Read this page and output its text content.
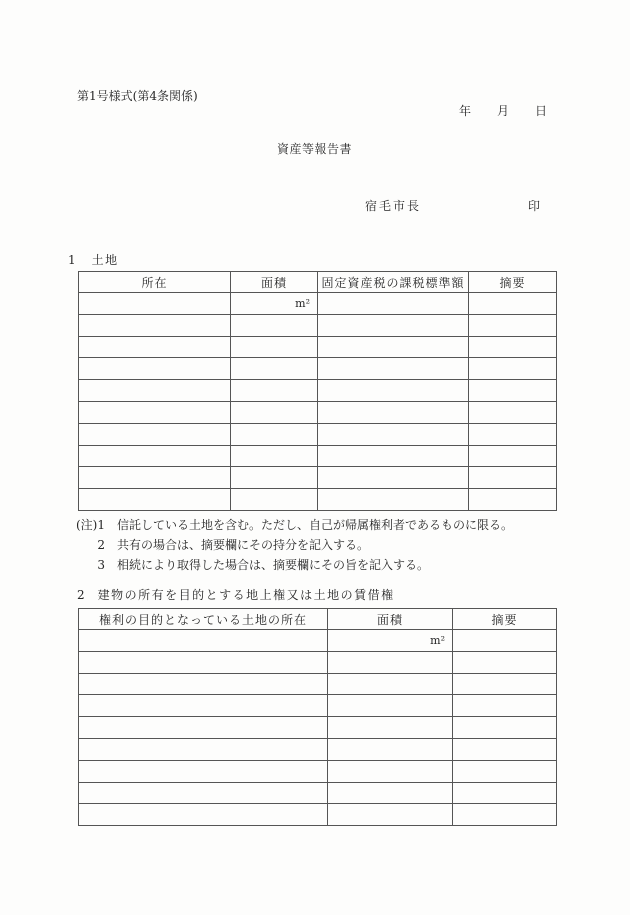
第1号様式(第4条関係)
年 月 日
資産等報告書
宿毛市長	印
1 土地
所在	面積	固定資産税の課税標準額	摘要
	m²		

(注)1 信託している土地を含む。ただし、自己が帰属権利者であるものに限る。
2 共有の場合は、摘要欄にその持分を記入する。
3 相続により取得した場合は、摘要欄にその旨を記入する。
2 建物の所有を目的とする地上権又は土地の賃借権
権利の目的となっている土地の所在	面積	摘要
	m²	
